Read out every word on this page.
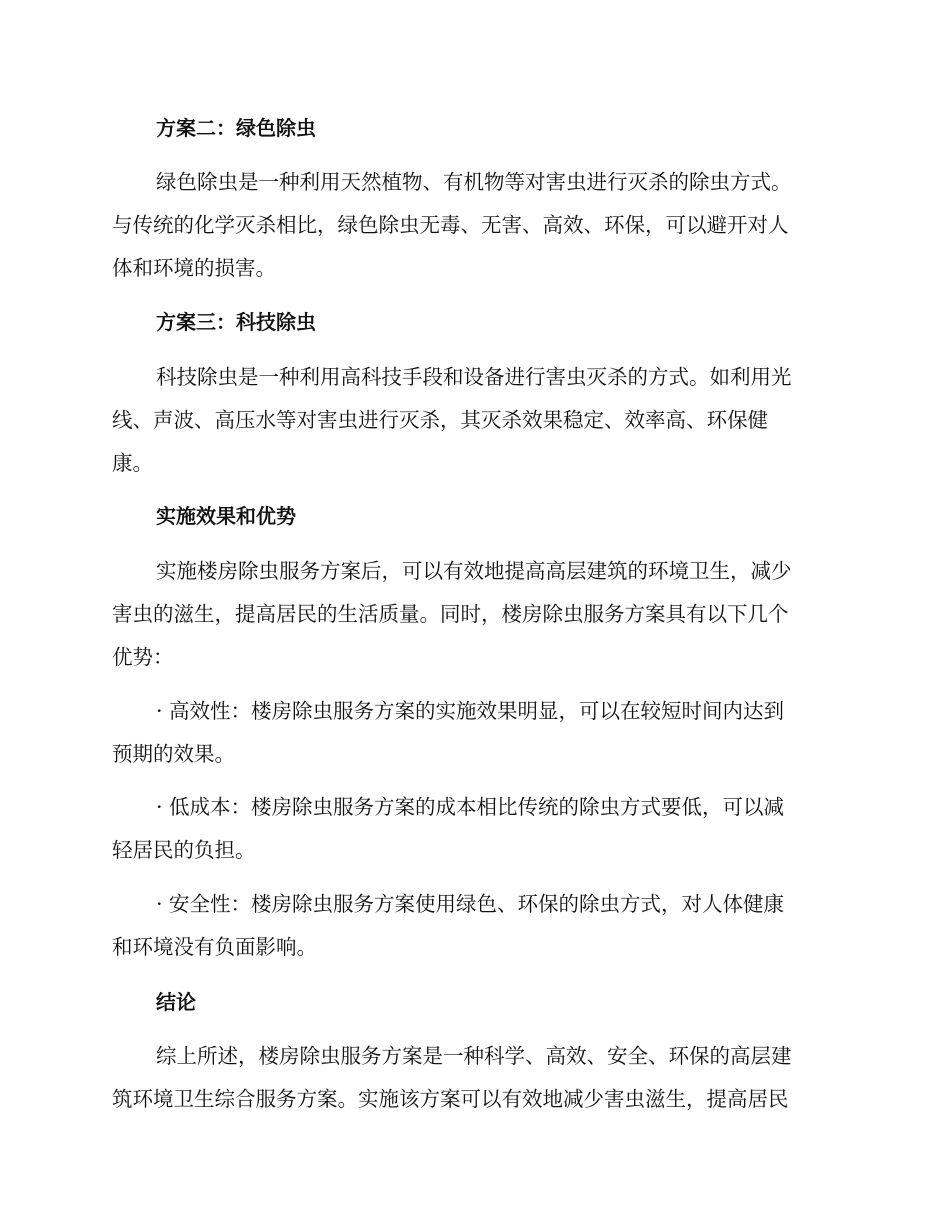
方案二：绿色除虫

绿色除虫是一种利用天然植物、有机物等对害虫进行灭杀的除虫方式。
与传统的化学灭杀相比，绿色除虫无毒、无害、高效、环保，可以避开对人
体和环境的损害。

方案三：科技除虫

科技除虫是一种利用高科技手段和设备进行害虫灭杀的方式。如利用光
线、声波、高压水等对害虫进行灭杀，其灭杀效果稳定、效率高、环保健
康。

实施效果和优势

实施楼房除虫服务方案后，可以有效地提高高层建筑的环境卫生，减少
害虫的滋生，提高居民的生活质量。同时，楼房除虫服务方案具有以下几个
优势：

· 高效性：楼房除虫服务方案的实施效果明显，可以在较短时间内达到
预期的效果。

· 低成本：楼房除虫服务方案的成本相比传统的除虫方式要低，可以减
轻居民的负担。

· 安全性：楼房除虫服务方案使用绿色、环保的除虫方式，对人体健康
和环境没有负面影响。

结论

综上所述，楼房除虫服务方案是一种科学、高效、安全、环保的高层建
筑环境卫生综合服务方案。实施该方案可以有效地减少害虫滋生，提高居民
